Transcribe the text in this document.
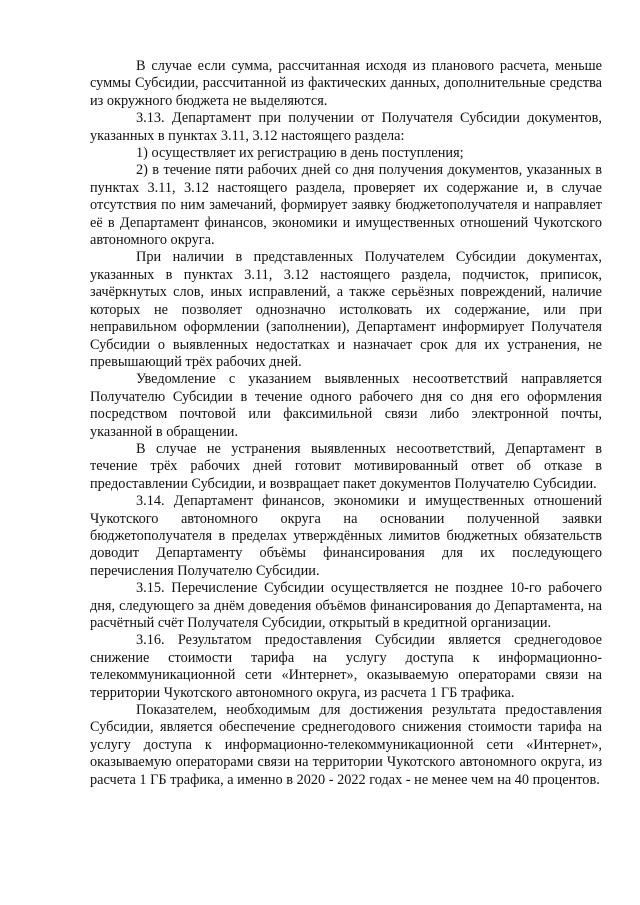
В случае если сумма, рассчитанная исходя из планового расчета, меньше суммы Субсидии, рассчитанной из фактических данных, дополнительные средства из окружного бюджета не выделяются.

3.13. Департамент при получении от Получателя Субсидии документов, указанных в пунктах 3.11, 3.12 настоящего раздела:

1) осуществляет их регистрацию в день поступления;

2) в течение пяти рабочих дней со дня получения документов, указанных в пунктах 3.11, 3.12 настоящего раздела, проверяет их содержание и, в случае отсутствия по ним замечаний, формирует заявку бюджетополучателя и направляет её в Департамент финансов, экономики и имущественных отношений Чукотского автономного округа.

При наличии в представленных Получателем Субсидии документах, указанных в пунктах 3.11, 3.12 настоящего раздела, подчисток, приписок, зачёркнутых слов, иных исправлений, а также серьёзных повреждений, наличие которых не позволяет однозначно истолковать их содержание, или при неправильном оформлении (заполнении), Департамент информирует Получателя Субсидии о выявленных недостатках и назначает срок для их устранения, не превышающий трёх рабочих дней.

Уведомление с указанием выявленных несоответствий направляется Получателю Субсидии в течение одного рабочего дня со дня его оформления посредством почтовой или факсимильной связи либо электронной почты, указанной в обращении.

В случае не устранения выявленных несоответствий, Департамент в течение трёх рабочих дней готовит мотивированный ответ об отказе в предоставлении Субсидии, и возвращает пакет документов Получателю Субсидии.

3.14. Департамент финансов, экономики и имущественных отношений Чукотского автономного округа на основании полученной заявки бюджетополучателя в пределах утверждённых лимитов бюджетных обязательств доводит Департаменту объёмы финансирования для их последующего перечисления Получателю Субсидии.

3.15. Перечисление Субсидии осуществляется не позднее 10-го рабочего дня, следующего за днём доведения объёмов финансирования до Департамента, на расчётный счёт Получателя Субсидии, открытый в кредитной организации.

3.16. Результатом предоставления Субсидии является среднегодовое снижение стоимости тарифа на услугу доступа к информационно-телекоммуникационной сети «Интернет», оказываемую операторами связи на территории Чукотского автономного округа, из расчета 1 ГБ трафика.

Показателем, необходимым для достижения результата предоставления Субсидии, является обеспечение среднегодового снижения стоимости тарифа на услугу доступа к информационно-телекоммуникационной сети «Интернет», оказываемую операторами связи на территории Чукотского автономного округа, из расчета 1 ГБ трафика, а именно в 2020 - 2022 годах - не менее чем на 40 процентов.
